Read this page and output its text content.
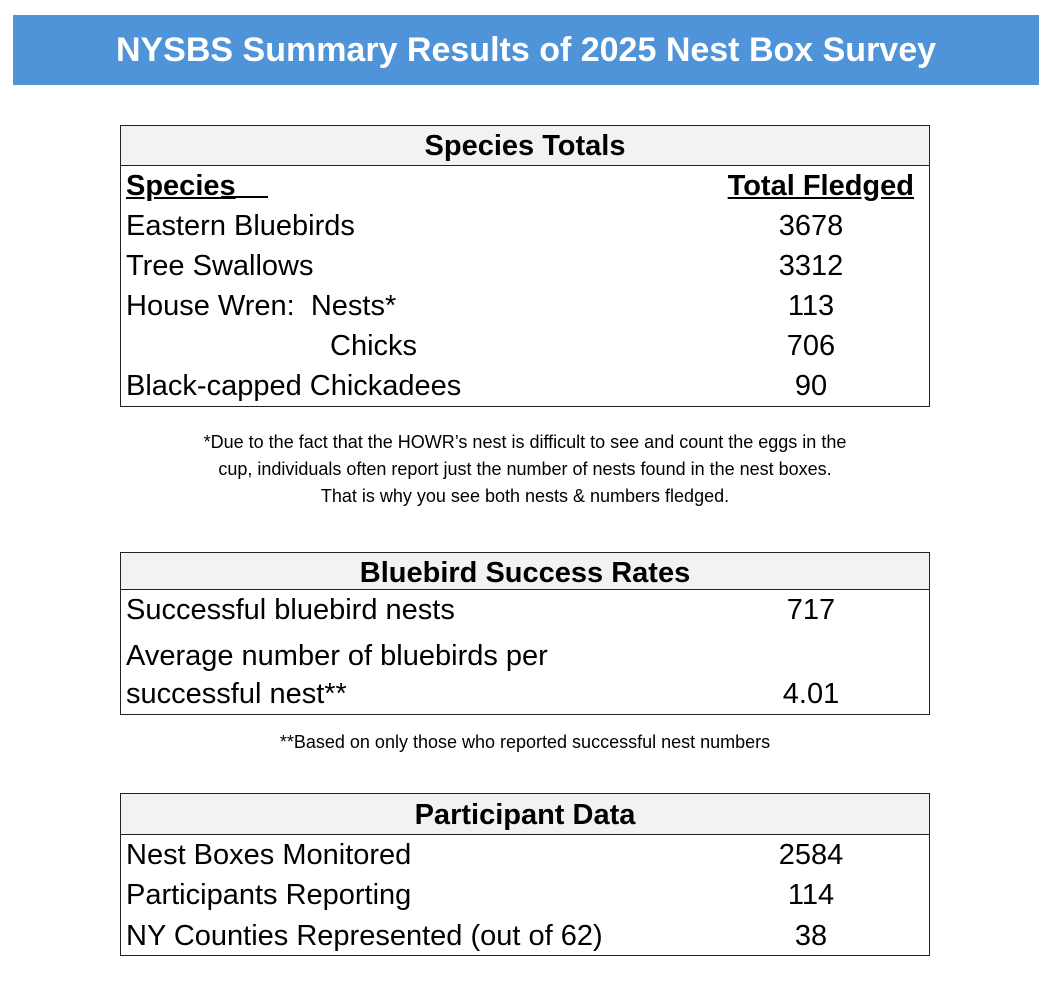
NYSBS Summary Results of 2025 Nest Box Survey
Species Totals
Species	Total Fledged
Eastern Bluebirds	3678
Tree Swallows	3312
House Wren:  Nests*	113
Chicks	706
Black-capped Chickadees	90
*Due to the fact that the HOWR’s nest is difficult to see and count the eggs in the
cup, individuals often report just the number of nests found in the nest boxes.
That is why you see both nests & numbers fledged.
Bluebird Success Rates
Successful bluebird nests	717
Average number of bluebirds per
successful nest**	4.01
**Based on only those who reported successful nest numbers
Participant Data
Nest Boxes Monitored	2584
Participants Reporting	114
NY Counties Represented (out of 62)	38
